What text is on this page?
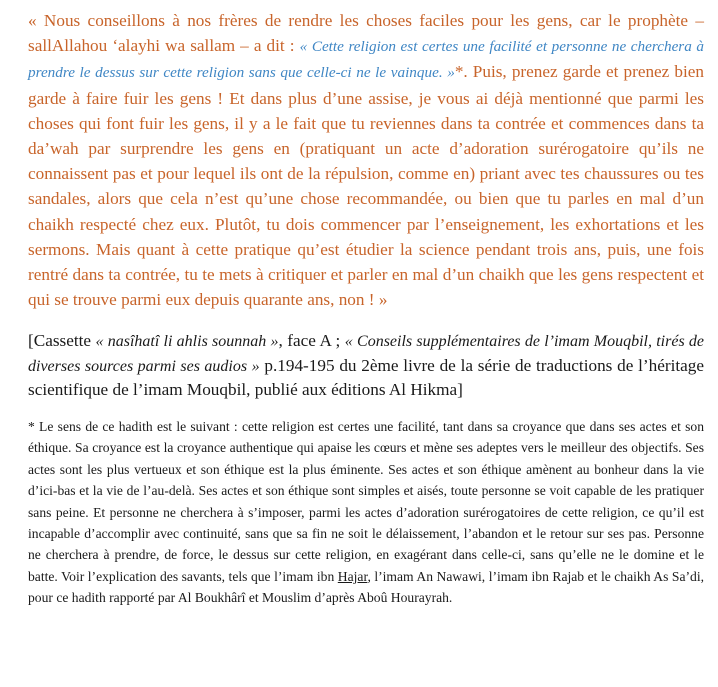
« Nous conseillons à nos frères de rendre les choses faciles pour les gens, car le prophète – sallAllahou ‘alayhi wa sallam – a dit : « Cette religion est certes une facilité et personne ne cherchera à prendre le dessus sur cette religion sans que celle-ci ne le vainque. »*. Puis, prenez garde et prenez bien garde à faire fuir les gens ! Et dans plus d’une assise, je vous ai déjà mentionné que parmi les choses qui font fuir les gens, il y a le fait que tu reviennes dans ta contrée et commences dans ta da’wah par surprendre les gens en (pratiquant un acte d’adoration surérogatoire qu’ils ne connaissent pas et pour lequel ils ont de la répulsion, comme en) priant avec tes chaussures ou tes sandales, alors que cela n’est qu’une chose recommandée, ou bien que tu parles en mal d’un chaikh respecté chez eux. Plutôt, tu dois commencer par l’enseignement, les exhortations et les sermons. Mais quant à cette pratique qu’est étudier la science pendant trois ans, puis, une fois rentré dans ta contrée, tu te mets à critiquer et parler en mal d’un chaikh que les gens respectent et qui se trouve parmi eux depuis quarante ans, non ! »

[Cassette « nasîhatî li ahlis sounnah », face A ; « Conseils supplémentaires de l’imam Mouqbil, tirés de diverses sources parmi ses audios » p.194-195 du 2ème livre de la série de traductions de l’héritage scientifique de l’imam Mouqbil, publié aux éditions Al Hikma]

* Le sens de ce hadith est le suivant : cette religion est certes une facilité, tant dans sa croyance que dans ses actes et son éthique. Sa croyance est la croyance authentique qui apaise les cœurs et mène ses adeptes vers le meilleur des objectifs. Ses actes sont les plus vertueux et son éthique est la plus éminente. Ses actes et son éthique amènent au bonheur dans la vie d’ici-bas et la vie de l’au-delà. Ses actes et son éthique sont simples et aisés, toute personne se voit capable de les pratiquer sans peine. Et personne ne cherchera à s’imposer, parmi les actes d’adoration surérogatoires de cette religion, ce qu’il est incapable d’accomplir avec continuité, sans que sa fin ne soit le délaissement, l’abandon et le retour sur ses pas. Personne ne cherchera à prendre, de force, le dessus sur cette religion, en exagérant dans celle-ci, sans qu’elle ne le domine et le batte. Voir l’explication des savants, tels que l’imam ibn Hajar, l’imam An Nawawi, l’imam ibn Rajab et le chaikh As Sa’di, pour ce hadith rapporté par Al Boukhârî et Mouslim d’après Aboû Hourayrah.
